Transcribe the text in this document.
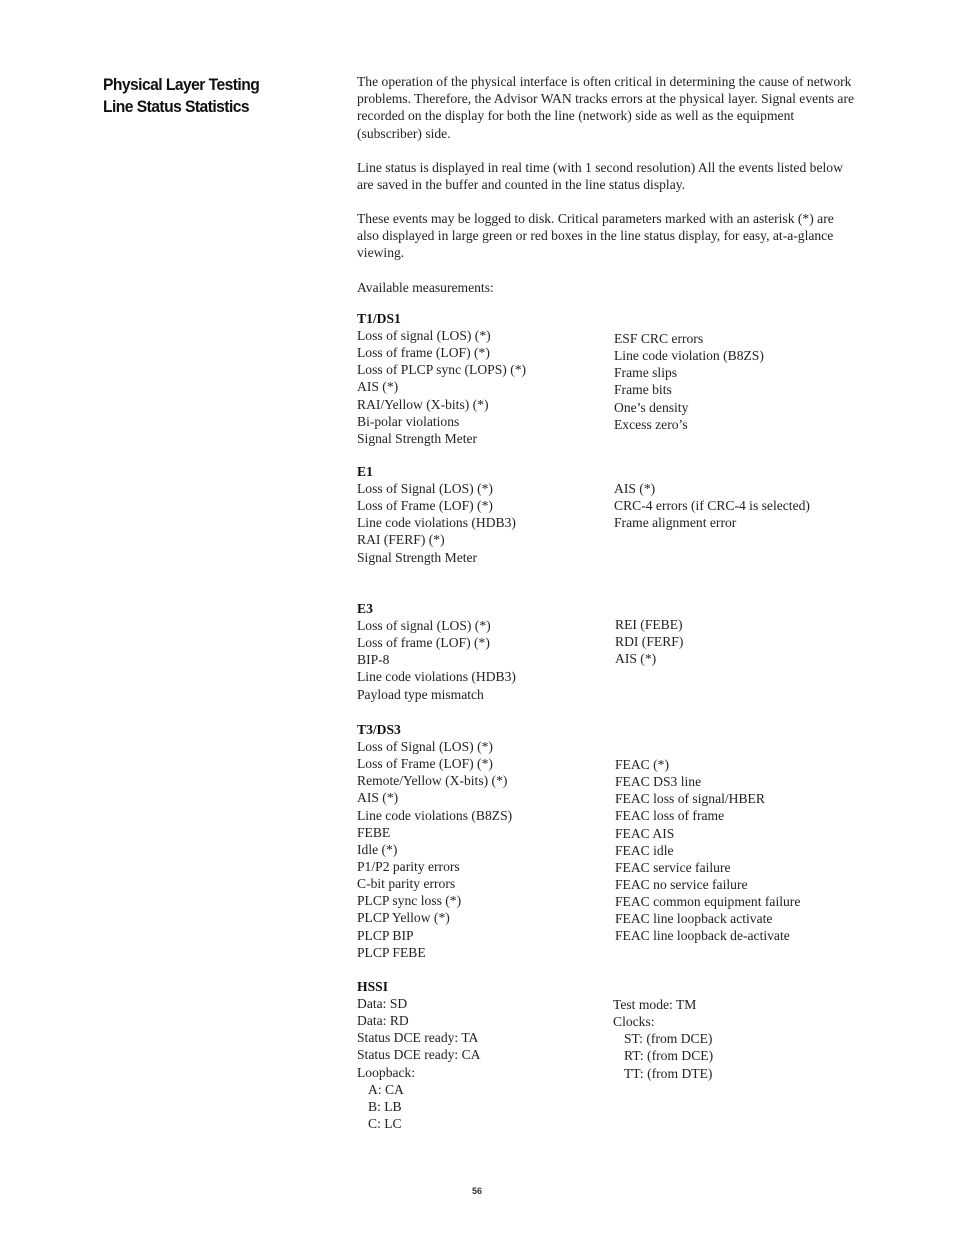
Physical Layer Testing
Line Status Statistics

The operation of the physical interface is often critical in determining the cause of network problems. Therefore, the Advisor WAN tracks errors at the physical layer. Signal events are recorded on the display for both the line (network) side as well as the equipment (subscriber) side.

Line status is displayed in real time (with 1 second resolution) All the events listed below are saved in the buffer and counted in the line status display.

These events may be logged to disk. Critical parameters marked with an asterisk (*) are also displayed in large green or red boxes in the line status display, for easy, at-a-glance viewing.

Available measurements:

T1/DS1
Loss of signal (LOS) (*)
Loss of frame (LOF) (*)
Loss of PLCP sync (LOPS) (*)
AIS (*)
RAI/Yellow (X-bits) (*)
Bi-polar violations
Signal Strength Meter
ESF CRC errors
Line code violation (B8ZS)
Frame slips
Frame bits
One’s density
Excess zero’s
E1
Loss of Signal (LOS) (*)
Loss of Frame (LOF) (*)
Line code violations (HDB3)
RAI (FERF) (*)
Signal Strength Meter
AIS (*)
CRC-4 errors (if CRC-4 is selected)
Frame alignment error
E3
Loss of signal (LOS) (*)
Loss of frame (LOF) (*)
BIP-8
Line code violations (HDB3)
Payload type mismatch
REI (FEBE)
RDI (FERF)
AIS (*)
T3/DS3
Loss of Signal (LOS) (*)
Loss of Frame (LOF) (*)
Remote/Yellow (X-bits) (*)
AIS (*)
Line code violations (B8ZS)
FEBE
Idle (*)
P1/P2 parity errors
C-bit parity errors
PLCP sync loss (*)
PLCP Yellow (*)
PLCP BIP
PLCP FEBE
FEAC (*)
FEAC DS3 line
FEAC loss of signal/HBER
FEAC loss of frame
FEAC AIS
FEAC idle
FEAC service failure
FEAC no service failure
FEAC common equipment failure
FEAC line loopback activate
FEAC line loopback de-activate
HSSI
Data: SD
Data: RD
Status DCE ready: TA
Status DCE ready: CA
Loopback:
A: CA
B: LB
C: LC
Test mode: TM
Clocks:
ST: (from DCE)
RT: (from DCE)
TT: (from DTE)
56
